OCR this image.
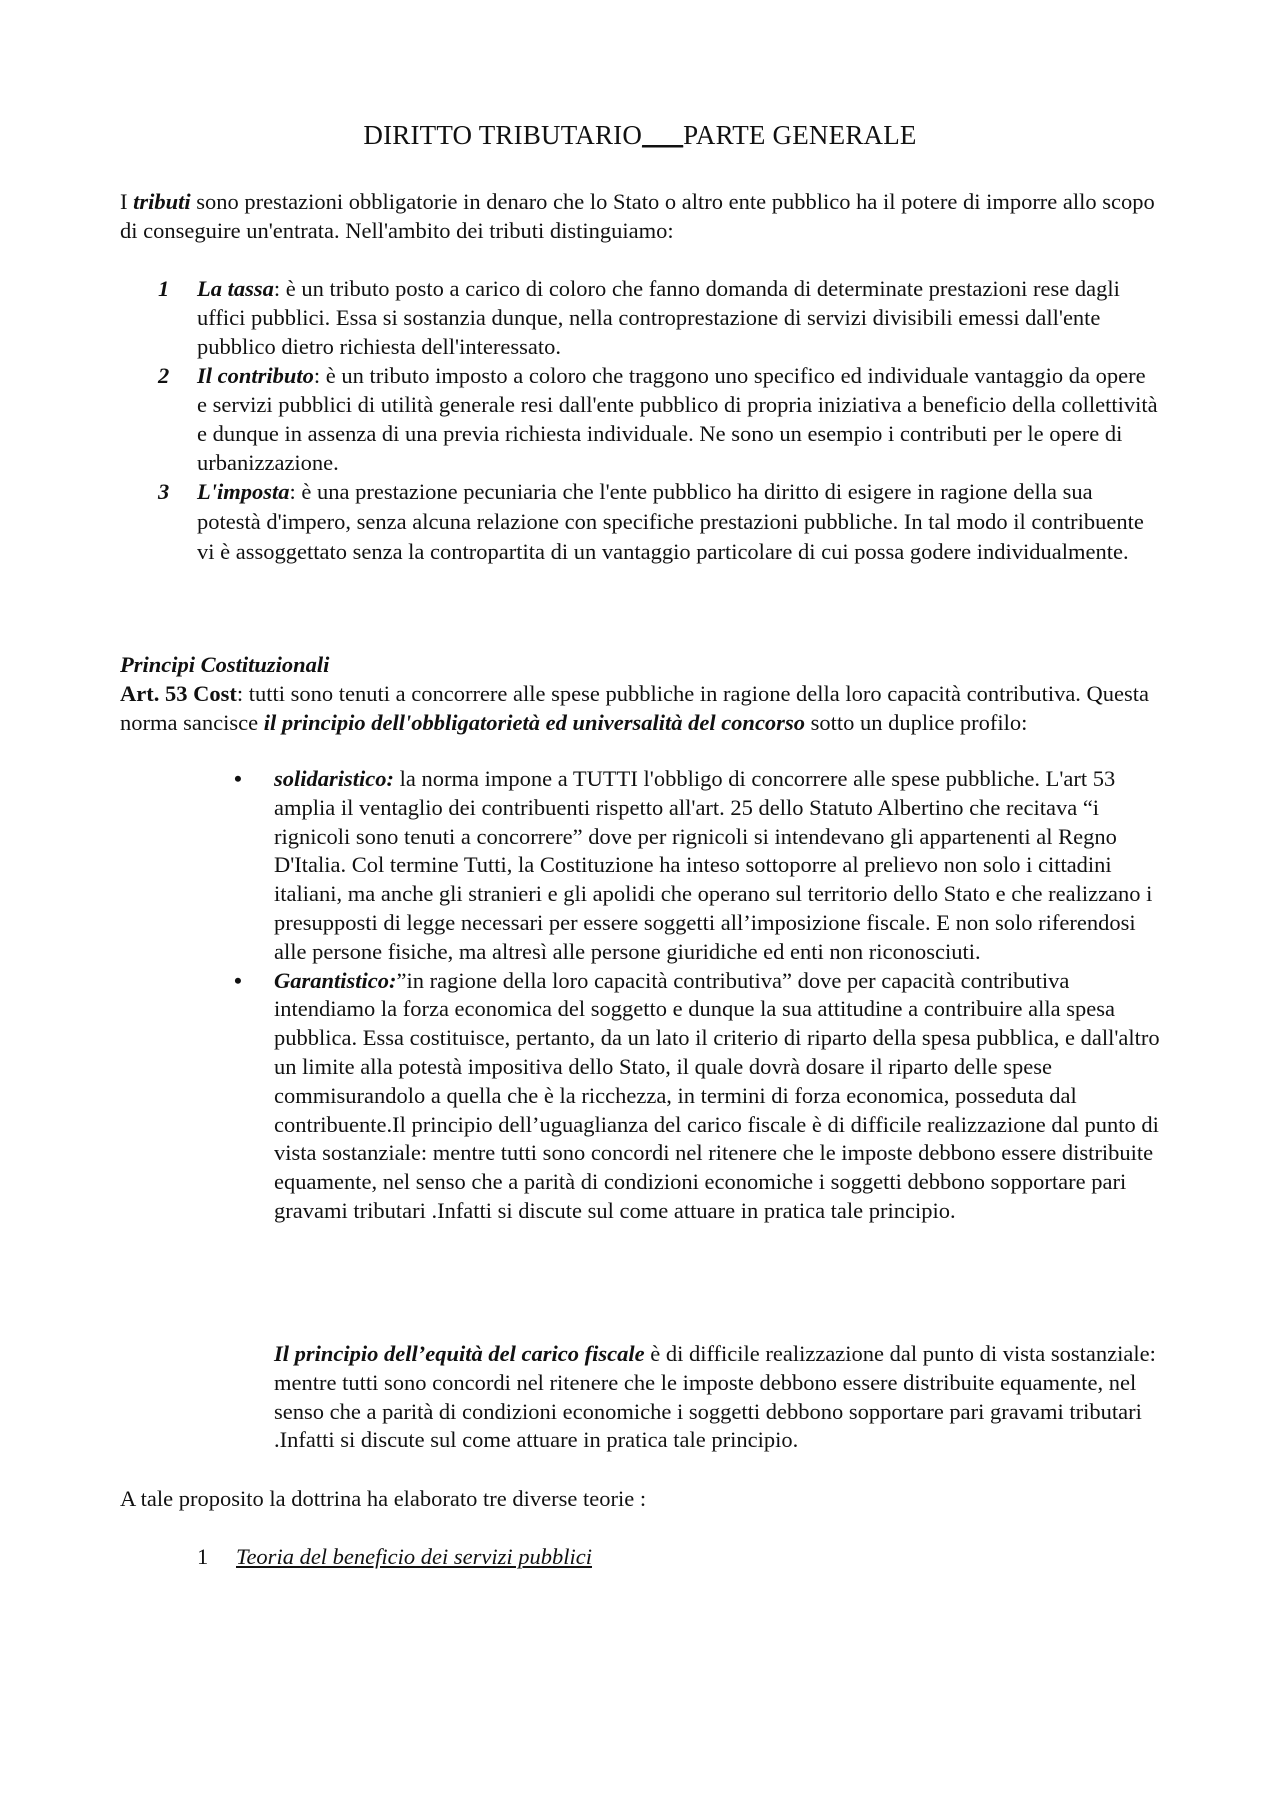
DIRITTO TRIBUTARIO___PARTE GENERALE

I tributi sono prestazioni obbligatorie in denaro che lo Stato o altro ente pubblico ha il potere di imporre allo scopo di conseguire un'entrata. Nell'ambito dei tributi distinguiamo:

1 La tassa: è un tributo posto a carico di coloro che fanno domanda di determinate prestazioni rese dagli uffici pubblici. Essa si sostanzia dunque, nella controprestazione di servizi divisibili emessi dall'ente pubblico dietro richiesta dell'interessato.
2 Il contributo: è un tributo imposto a coloro che traggono uno specifico ed individuale vantaggio da opere e servizi pubblici di utilità generale resi dall'ente pubblico di propria iniziativa a beneficio della collettività e dunque in assenza di una previa richiesta individuale. Ne sono un esempio i contributi per le opere di urbanizzazione.
3 L'imposta: è una prestazione pecuniaria che l'ente pubblico ha diritto di esigere in ragione della sua potestà d'impero, senza alcuna relazione con specifiche prestazioni pubbliche. In tal modo il contribuente vi è assoggettato senza la contropartita di un vantaggio particolare di cui possa godere individualmente.

Principi Costituzionali

Art. 53 Cost: tutti sono tenuti a concorrere alle spese pubbliche in ragione della loro capacità contributiva. Questa norma sancisce il principio dell'obbligatorietà ed universalità del concorso sotto un duplice profilo:

• solidaristico: la norma impone a TUTTI l'obbligo di concorrere alle spese pubbliche. L'art 53 amplia il ventaglio dei contribuenti rispetto all'art. 25 dello Statuto Albertino che recitava “i rignicoli sono tenuti a concorrere” dove per rignicoli si intendevano gli appartenenti al Regno D'Italia. Col termine Tutti, la Costituzione ha inteso sottoporre al prelievo non solo i cittadini italiani, ma anche gli stranieri e gli apolidi che operano sul territorio dello Stato e che realizzano i presupposti di legge necessari per essere soggetti all’imposizione fiscale. E non solo riferendosi alle persone fisiche, ma altresì alle persone giuridiche ed enti non riconosciuti.
• Garantistico:”in ragione della loro capacità contributiva” dove per capacità contributiva intendiamo la forza economica del soggetto e dunque la sua attitudine a contribuire alla spesa pubblica. Essa costituisce, pertanto, da un lato il criterio di riparto della spesa pubblica, e dall'altro un limite alla potestà impositiva dello Stato, il quale dovrà dosare il riparto delle spese commisurandolo a quella che è la ricchezza, in termini di forza economica, posseduta dal contribuente.Il principio dell’uguaglianza del carico fiscale è di difficile realizzazione dal punto di vista sostanziale: mentre tutti sono concordi nel ritenere che le imposte debbono essere distribuite equamente, nel senso che a parità di condizioni economiche i soggetti debbono sopportare pari gravami tributari .Infatti si discute sul come attuare in pratica tale principio.

Il principio dell’equità del carico fiscale è di difficile realizzazione dal punto di vista sostanziale: mentre tutti sono concordi nel ritenere che le imposte debbono essere distribuite equamente, nel senso che a parità di condizioni economiche i soggetti debbono sopportare pari gravami tributari .Infatti si discute sul come attuare in pratica tale principio.

A tale proposito la dottrina ha elaborato tre diverse teorie :

1 Teoria del beneficio dei servizi pubblici
